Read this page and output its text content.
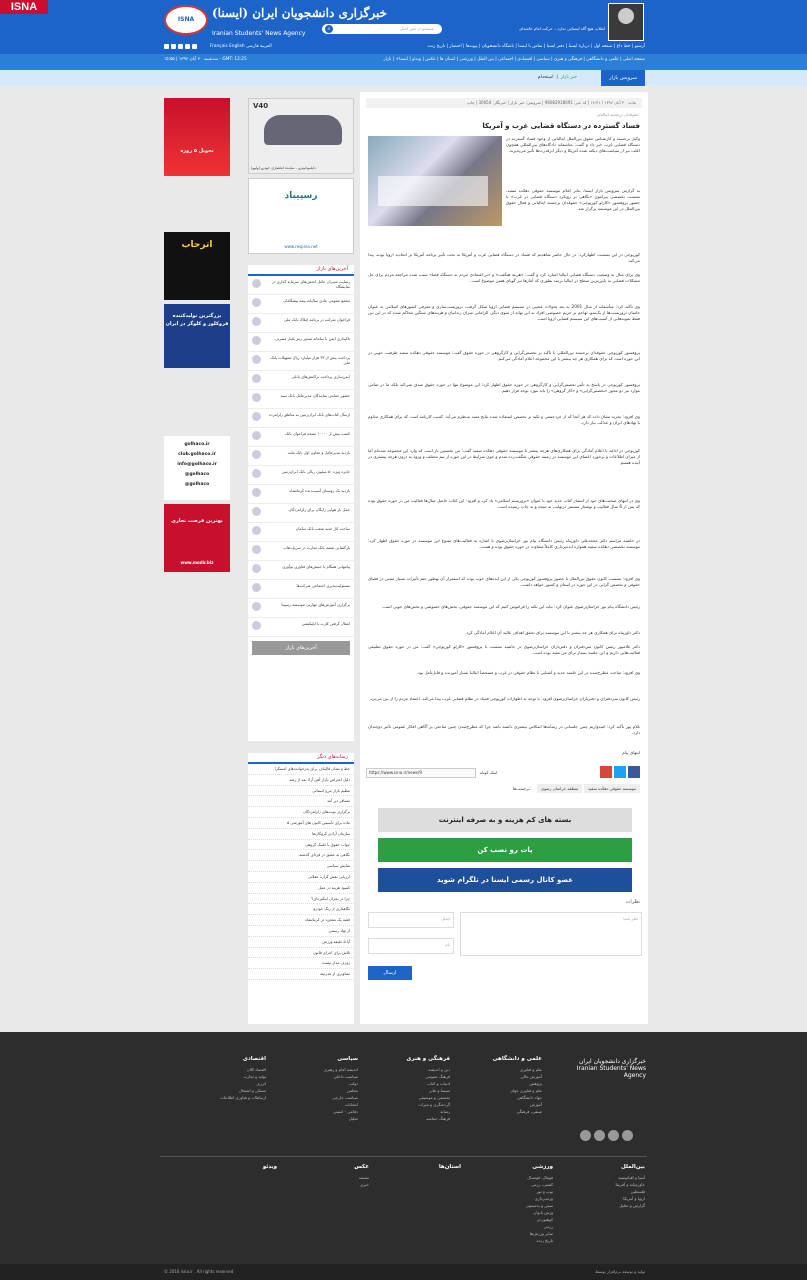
ISNA
انقلاب هیچ گاه ایستایی ندارد... حرکت امام خامنه‌ای
ISNA	خبرگزاری دانشجویان ایران (ایسنا)
Iranian Students' News Agency
⌕	جستجو در متن اخبار
Français English العربية فارسی	آرشیو | خط داغ | صفحه اول | دربارۀ ایسنا | دفتر ایسنا | تماس با ایسنا | باشگاه دانشجویان | پیوندها | احتضار | تاریخ زنده
صفحه اصلی | علمی و دانشگاهی | فرهنگی و هنری | سیاسی | اقتصادی | اجتماعی | بین الملل | ورزشی | استان ها | عکس | ویدئو | ایسنا+ | بازار
سه‌شنبه ۳۰ آبان ۱۳۹۶ | ۱۵:۵۵ - GMT: 12:25
سرویس بازار
خبر بازار  |  استخدام
تحویل ۵ روزه
اترحاب
بزرگترین تولیدکننده فروکلوز و کلوگز در ایران
golhaco.ir
club.golhaco.ir
info@golhaco.ir
@golhaco
@golhaco
بهترین فرصت تجاری
www.modir.biz
V40
دایلموخودرو - نماینده انحصاری خودرو (ولوو)
رسپیناد
www.respina.net
آخرین‌های بازار
رضایت مدیران عامل انجمن‌های سرمایه گذاری در نمایشگاه
مجمع عمومی عادی سالیانه بیمه پیشگامان
فراخوان شرکت در برنامه املاک بانک ملی
تاکیداری ایمن با سامانه صدور رمز یکبار مصرف
پرداخت بیش از ۳۳ هزار میلیارد ریال تسهیلات بانک ملی
ایمن‌سازی پرداخت تراکنش‌های بانکی
حضور حمایتی نمایندگان مدیرعامل بانک سپه
ارسال کتاب‌های بانک ایران‌زمین به مناطق زلزله‌زده
کسب بیش از ۱۰۰۰۰ نسخه فراخوان بانک
بازدید مدیرعامل و معاون اول بانک ملت
جایزه ویژه ۵۰ میلیون ریالی بانک ایران‌زمین
بازدید یک روستای آسیب‌دیده کرمانشاه
حمل بار هوایی رایگان برای زلزله‌زدگان
ساخت کار جدید شعب بانک سامان
بازگشایی شعبه بانک تجارت در سرپل‌ذهاب
پیامهایی همگام با جنبش‌های فناوری نوآوری
مسئولیت‌پذیری اجتماعی شرکت‌ها
برگزاری آموزش‌های مهارتی موسسه رسپینا
انتقال گرفتن کارت با اپلیکیشن
آخرین‌های بازار
رسانه‌های دیگر
خط و نشان قالیباف برای پدرخوانده‌های امنیتگرا
دلیل اعتراض بازار آهن آزاد بعد از رشد
تنظیم بازار مرغ اسمانی
مسافر دیر آمد
برگزاری نوبت‌های زلزله‌زدگان
۵ ماده برای تأسیس کانون های آموزشی
سازمان آزادی گروگان‌ها
جواب حقوق با تکنیک گروهی
نگاهی به عشق در فردای گذشته
نمایش سیاسی
ارزیابی نقش گزاره عقلانی
کمبود هزینه در عمل
چرا در بحران اینگیزه‌ای؟
نگاهداری از رنگ خودرو
قصه یک معجزه در کرمانشاه
از نهاد رسمی
آیا ۵ دقیقه ورزش
تلاش برای اجرای قانون
ژوزف مدار نیست
تصاویری از مدرنیته
ماده: ۳۰ آبان ۱۳۹۶ / ۱۴:۳۱ | کد خبر: 96082918091 | سرویس: خبر بازار | خبرنگار: 30654 | چاپ
حقوقدان برجسته ایتالیایی:
فساد گسترده در دستگاه قضایی غرب و آمریکا
وکیل برجسته و کارشناس حقوق بین‌الملل ایتالیایی از وجود فساد گسترده در دستگاه قضایی غرب خبر داد و گفت: متاسفانه دادگاه‌های بین‌المللی همچون اغلب نیز از سیاست‌های دیکته شده آمریکا و دیگر ابرقدرت‌ها تأثیر می‌پذیرند.
به گزارش سرویس بازار ایسنا، بنابر اعلام موسسه حقوقی دهکده سفید، نشست تخصصی پیرامون «نگاهی بر رویکرد دستگاه قضایی در غرب» با حضور پروفسور «کارلو کورپوچی» حقوقدان برجسته ایتالیایی و فعال حقوق بین‌الملل در این موسسه برگزار شد.
کورپوچی در این نشست اظهارکرد: در حال حاضر شاهدیم که فساد در دستگاه قضایی غرب و آمریکا به تحت تأثیر برنامه آمریکا بر اتحادیه اروپا بوده، پیدا می‌کند.
وی برای مثال به وضعیت دستگاه قضایی ایتالیا اشاره کرد و گفت: «هزینه هنگفت» و «بی‌اعتمادی مردم به دستگاه قضا» سبب شده مراجعه مردم برای حل مشکلات قضایی به پایین‌ترین سطح در ایتالیا برسد بطوری که آمارها نیز گویای همین موضوع است.
وی تأکید کرد: متأسفانه از سال 2001 به بعد تحولات عجیبی در سیستم قضایی اروپا شکل گرفت، تروریست‌سازی و معرفی کشورهای اسلامی به عنوان حامیان تروریست‌ها از یک‌سو، تهاجم بر حریم خصوصی افراد به این بهانه از سوی دیگر، الزاماتی میزان زندانیان و هزینه‌های سنگین محاکم شده که در این بین فقط نمونه‌هایی از آسیب‌های این سیستم قضایی اروپا است.
پروفسور کورپوچی حقوقدان برجسته بین‌المللی با تأکید بر تخصص‌گرایی و کارگروهی در حوزه حقوق گفت: موسسه حقوقی دهکده سفید ظرفیت خوبی در این حوزه است که برای همکاری هر چه بیشتر با این مجموعه اعلام آمادگی می‌کنم.
پروفسور کورپوچی در پاسخ به تأثیر تخصص‌گرایی و کارگروهی در حوزه حقوق اظهار کرد: این موضوع تنها در حوزه حقوق صدق نمی‌کند بلکه ما در تمامی موارد نیز دو محور «تخصص‌گرایی» و «کار گروهی» را باید مورد توجه قرار دهیم.
وی افزود: تجربه نشان داده که هر آنجا که از خردجمعی و تکیه بر تخصص استفاده شده نتایج مفید به‌نظرم می‌آید. کسب کارنامه است که برای همکاری مداوم با نهادهای ایران و عدالت نیاز دارد.
کورپوچی در ادامه با اعلام آمادگی برای همکاری‌های هرچه بیشتر با موسسه حقوقی دهکده سفید گفت: من تخستین بار است که وارد این مجموعه شده‌ام اما از میزان اطلاعات و برخورد اعضای این موسسه در زمینه حقوقی شگفت‌زده شدم و چون شرایط در این حوزه از تیم مختلف و ورود به درون هرچه بیشتری در آینده هستم.
وی در انتهای صحبت‌های خود از انتشار کتاب جدید خود با عنوان «تروریسم اسلامی» یاد کرد و افزود: این کتاب حاصل سال‌ها فعالیت من در حوزه حقوق بوده که پس از 6 سال فعالیت و نوشتار مستمر درنهایت به نتیجه و به چاپ رسیده است.
در حاشیه مراسم دکتر محمدعلی داورپناه رئیس دانشگاه پیام نور خراسان‌رضوی با اشاره به فعالیت‌های متنوع این موسسه در حوزه حقوق اظهار کرد: موسسه تخصصی دهکده سفید همواره ایده‌پردازی کاملاً متفاوت در حوزه حقوق بوده و هست.
وی افزود: نشست کانون حقوق بین‌الملل با حضور پروفسور کورپوچی یکی از این ایده‌های خوب بوده که استمرار آن بهطور حتم تأثیرات بسیار مثبتی در فضای حقوقی و تخصص گرایی در این حوزه در استان و کشور خواهد داشت.
رئیس دانشگاه پیام نور خراسان‌رضوی عنوان کرد: نباید این نکته را فراموش کنیم که این موسسه حقوقی، بخش‌های خصوصی و بخش‌های خوبی است.
دکتر داورپناه برای همکاری هر چه بیشتر با این موسسه برای تحقق اهداف عالیه آن اعلام آمادگی کرد.
دکتر غلامپور رئیس کانون سردفتران و دفتریاران خراسان‌رضوی در حاشیه نشست با پروفسور «کارلو کورپوچی» گفت: من در حوزه حقوق تطبیقی فعالیت‌هایی داریم و این جلسه بسیار برای من مفید بوده است.
وی افزود: مباحث مطرح‌شده در این جلسه جدید و آشنایی با نظام حقوقی در غرب و مشخصاً ایتالیا بسیار آموزنده و قابل‌تأمل بود.
رئیس کانون سردفتران و دفتریاران خراسان‌رضوی افزود: با توجه به اظهارات کورپوچی فساد در نظام قضایی غرب پیدا می‌کند، اعتماد مردم را از بین می‌برد.
غلام پور تأکید کرد: امیدواریم چنین جلساتی در رسانه‌ها انعکاس بیشتری داشته باشد چرا که مطرح‌شدن چنین مباحثی بر آگاهی افکار عمومی تأثیر دوچندان دارد.
انتهای پیام
https://www.isna.ir/news/9	لینک کوتاه
برچسب‌ها:	منطقه خراسان رضوی	موسسه حقوقی دهکده سفید
بسته های کم هزینه و به صرفه اینترنت
پات رو نصب کن
عضو کانال رسمی ایسنا در تلگرام شوید
نظرات
نظر شما
ایمیل
نام
ارسال
خبرگزاری دانشجویان ایران Iranian Students' News Agency
علمی و دانشگاهی
علم و فناوری
آموزش عالی
پژوهش
علم و فناوری جهان
جهاد دانشگاهی
آموزش
صنفی، فرهنگی
فرهنگی و هنری
دین و اندیشه
فرهنگ عمومی
ادبیات و کتاب
سینما و تئاتر
تجسمی و موسیقی
گردشگری و میراث
رسانه
فرهنگ حماسه
سیاسی
اندیشه امام و رهبری
سیاست داخلی
دولت
مجلس
سیاست خارجی
انتخابات
دفاعی - امنیتی
تحلیل
اقتصادی
اقتصاد کلان
تولید و تجارت
انرژی
مسکن و اشتغال
ارتباطات و فناوری اطلاعات
بین‌الملل
آسیا و اقیانوسیه
خاورمیانه و آفریقا
فلسطین
اروپا و آمریکا
گزارش و تحلیل
ورزشی
فوتبال، فوتسال
کشتی، رزمی
توپ و تور
وزنه‌برداری
تنیس و بدمینتون
وزش بانوان
کوهنوردی
رزمی
سایر ورزش‌ها
تاریخ زنده
استان‌ها
عکس
مستند
خبری
ویدئو
© 2016 isna.ir . All rights reserved	تولید و توسعه نرم‌افزار توسط
